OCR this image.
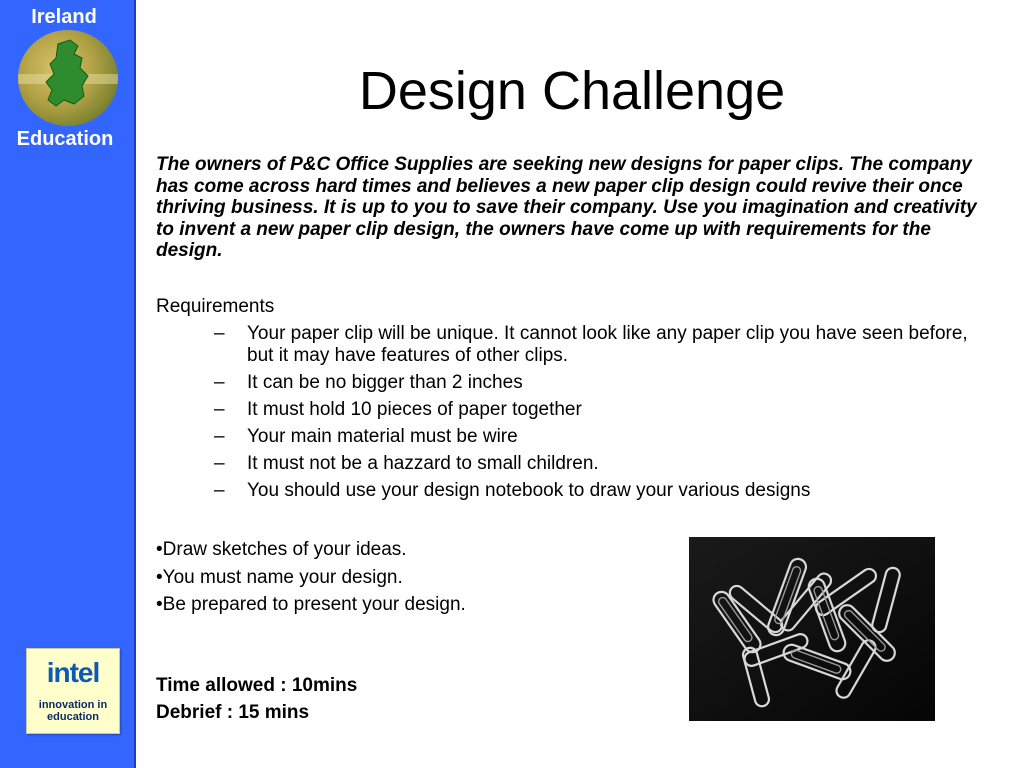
Ireland
Education
intel
innovation in
education
Design Challenge
The owners of P&C Office Supplies are seeking new designs for paper clips. The company has come across hard times and believes a new paper clip design could revive their once thriving business. It is up to you to save their company. Use you imagination and creativity to invent a new paper clip design, the owners have come up with requirements for the design.
Requirements
– Your paper clip will be unique. It cannot look like any paper clip you have seen before, but it may have features of other clips.
– It can be no bigger than 2 inches
– It must hold 10 pieces of paper together
– Your main material must be wire
– It must not be a hazzard to small children.
– You should use your design notebook to draw your various designs
•Draw sketches of your ideas.
•You must name your design.
•Be prepared to present your design.
Time allowed : 10mins
Debrief : 15 mins
